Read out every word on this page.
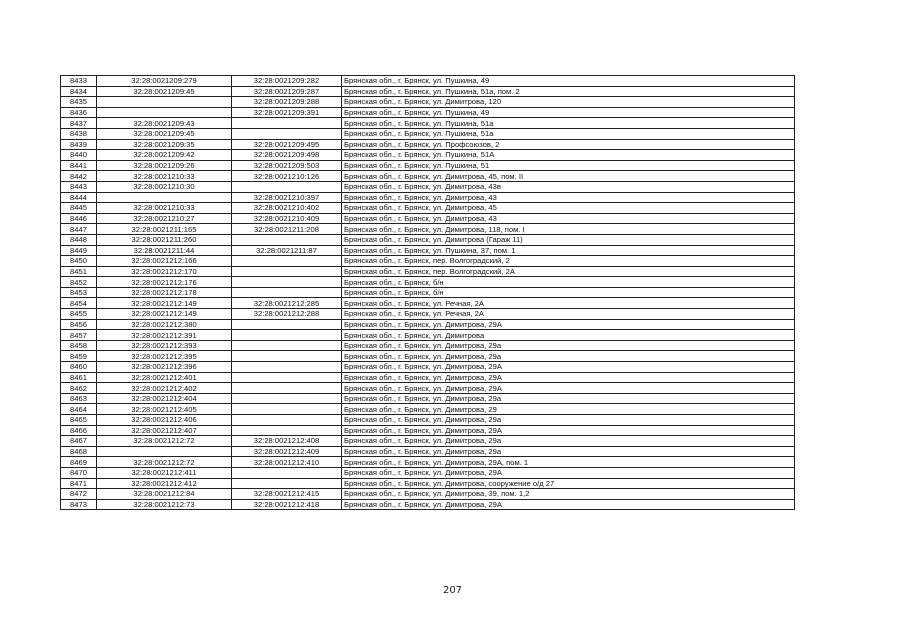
8433	32:28:0021209:279	32:28:0021209:282	Брянская обл., г. Брянск, ул. Пушкина, 49
8434	32:28:0021209:45	32:28:0021209:287	Брянская обл., г. Брянск, ул. Пушкина, 51а, пом. 2
8435		32:28:0021209:288	Брянская обл., г. Брянск, ул. Димитрова, 120
8436		32:28:0021209:391	Брянская обл., г. Брянск, ул. Пушкина, 49
8437	32:28:0021209:43		Брянская обл., г. Брянск, ул. Пушкина, 51а
8438	32:28:0021209:45		Брянская обл., г. Брянск, ул. Пушкина, 51а
8439	32:28:0021209:35	32:28:0021209:495	Брянская обл., г. Брянск, ул. Профсоюзов, 2
8440	32:28:0021209:42	32:28:0021209:498	Брянская обл., г. Брянск, ул. Пушкина, 51А
8441	32:28:0021209:26	32:28:0021209:503	Брянская обл., г. Брянск, ул. Пушкина, 51
8442	32:28:0021210:33	32:28:0021210:126	Брянская обл., г. Брянск, ул. Димитрова, 45, пом. II
8443	32:28:0021210:30		Брянская обл., г. Брянск, ул. Димитрова, 43в
8444		32:28:0021210:397	Брянская обл., г. Брянск, ул. Димитрова, 43
8445	32:28:0021210:33	32:28:0021210:402	Брянская обл., г. Брянск, ул. Димитрова, 45
8446	32:28:0021210:27	32:28:0021210:409	Брянская обл., г. Брянск, ул. Димитрова, 43
8447	32:28:0021211:165	32:28:0021211:208	Брянская обл., г. Брянск, ул. Димитрова, 118, пом. I
8448	32:28:0021211:260		Брянская обл., г. Брянск, ул. Димитрова (Гараж 11)
8449	32:28:0021211:44	32:28:0021211:87	Брянская обл., г. Брянск, ул. Пушкина, 37, пом. 1
8450	32:28:0021212:166		Брянская обл., г. Брянск, пер. Волгоградский, 2
8451	32:28:0021212:170		Брянская обл., г. Брянск, пер. Волгоградский, 2А
8452	32:28:0021212:176		Брянская обл., г. Брянск, б/н
8453	32:28:0021212:178		Брянская обл., г. Брянск, б/н
8454	32:28:0021212:149	32:28:0021212:285	Брянская обл., г. Брянск, ул. Речная, 2А
8455	32:28:0021212:149	32:28:0021212:288	Брянская обл., г. Брянск, ул. Речная, 2А
8456	32:28:0021212:380		Брянская обл., г. Брянск, ул. Димитрова, 29А
8457	32:28:0021212:391		Брянская обл., г. Брянск, ул. Димитрова
8458	32:28:0021212:393		Брянская обл., г. Брянск, ул. Димитрова, 29а
8459	32:28:0021212:395		Брянская обл., г. Брянск, ул. Димитрова, 29а
8460	32:28:0021212:396		Брянская обл., г. Брянск, ул. Димитрова, 29А
8461	32:28:0021212:401		Брянская обл., г. Брянск, ул. Димитрова, 29А
8462	32:28:0021212:402		Брянская обл., г. Брянск, ул. Димитрова, 29А
8463	32:28:0021212:404		Брянская обл., г. Брянск, ул. Димитрова, 29а
8464	32:28:0021212:405		Брянская обл., г. Брянск, ул. Димитрова, 29
8465	32:28:0021212:406		Брянская обл., г. Брянск, ул. Димитрова, 29а
8466	32:28:0021212:407		Брянская обл., г. Брянск, ул. Димитрова, 29А
8467	32:28:0021212:72	32:28:0021212:408	Брянская обл., г. Брянск, ул. Димитрова, 29а
8468		32:28:0021212:409	Брянская обл., г. Брянск, ул. Димитрова, 29а
8469	32:28:0021212:72	32:28:0021212:410	Брянская обл., г. Брянск, ул. Димитрова, 29А, пом. 1
8470	32:28:0021212:411		Брянская обл., г. Брянск, ул. Димитрова, 29А
8471	32:28:0021212:412		Брянская обл., г. Брянск, ул. Димитрова, сооружение о/д 27
8472	32:28:0021212:84	32:28:0021212:415	Брянская обл., г. Брянск, ул. Димитрова, 39, пом. 1,2
8473	32:28:0021212:73	32:28:0021212:418	Брянская обл., г. Брянск, ул. Димитрова, 29А
207
